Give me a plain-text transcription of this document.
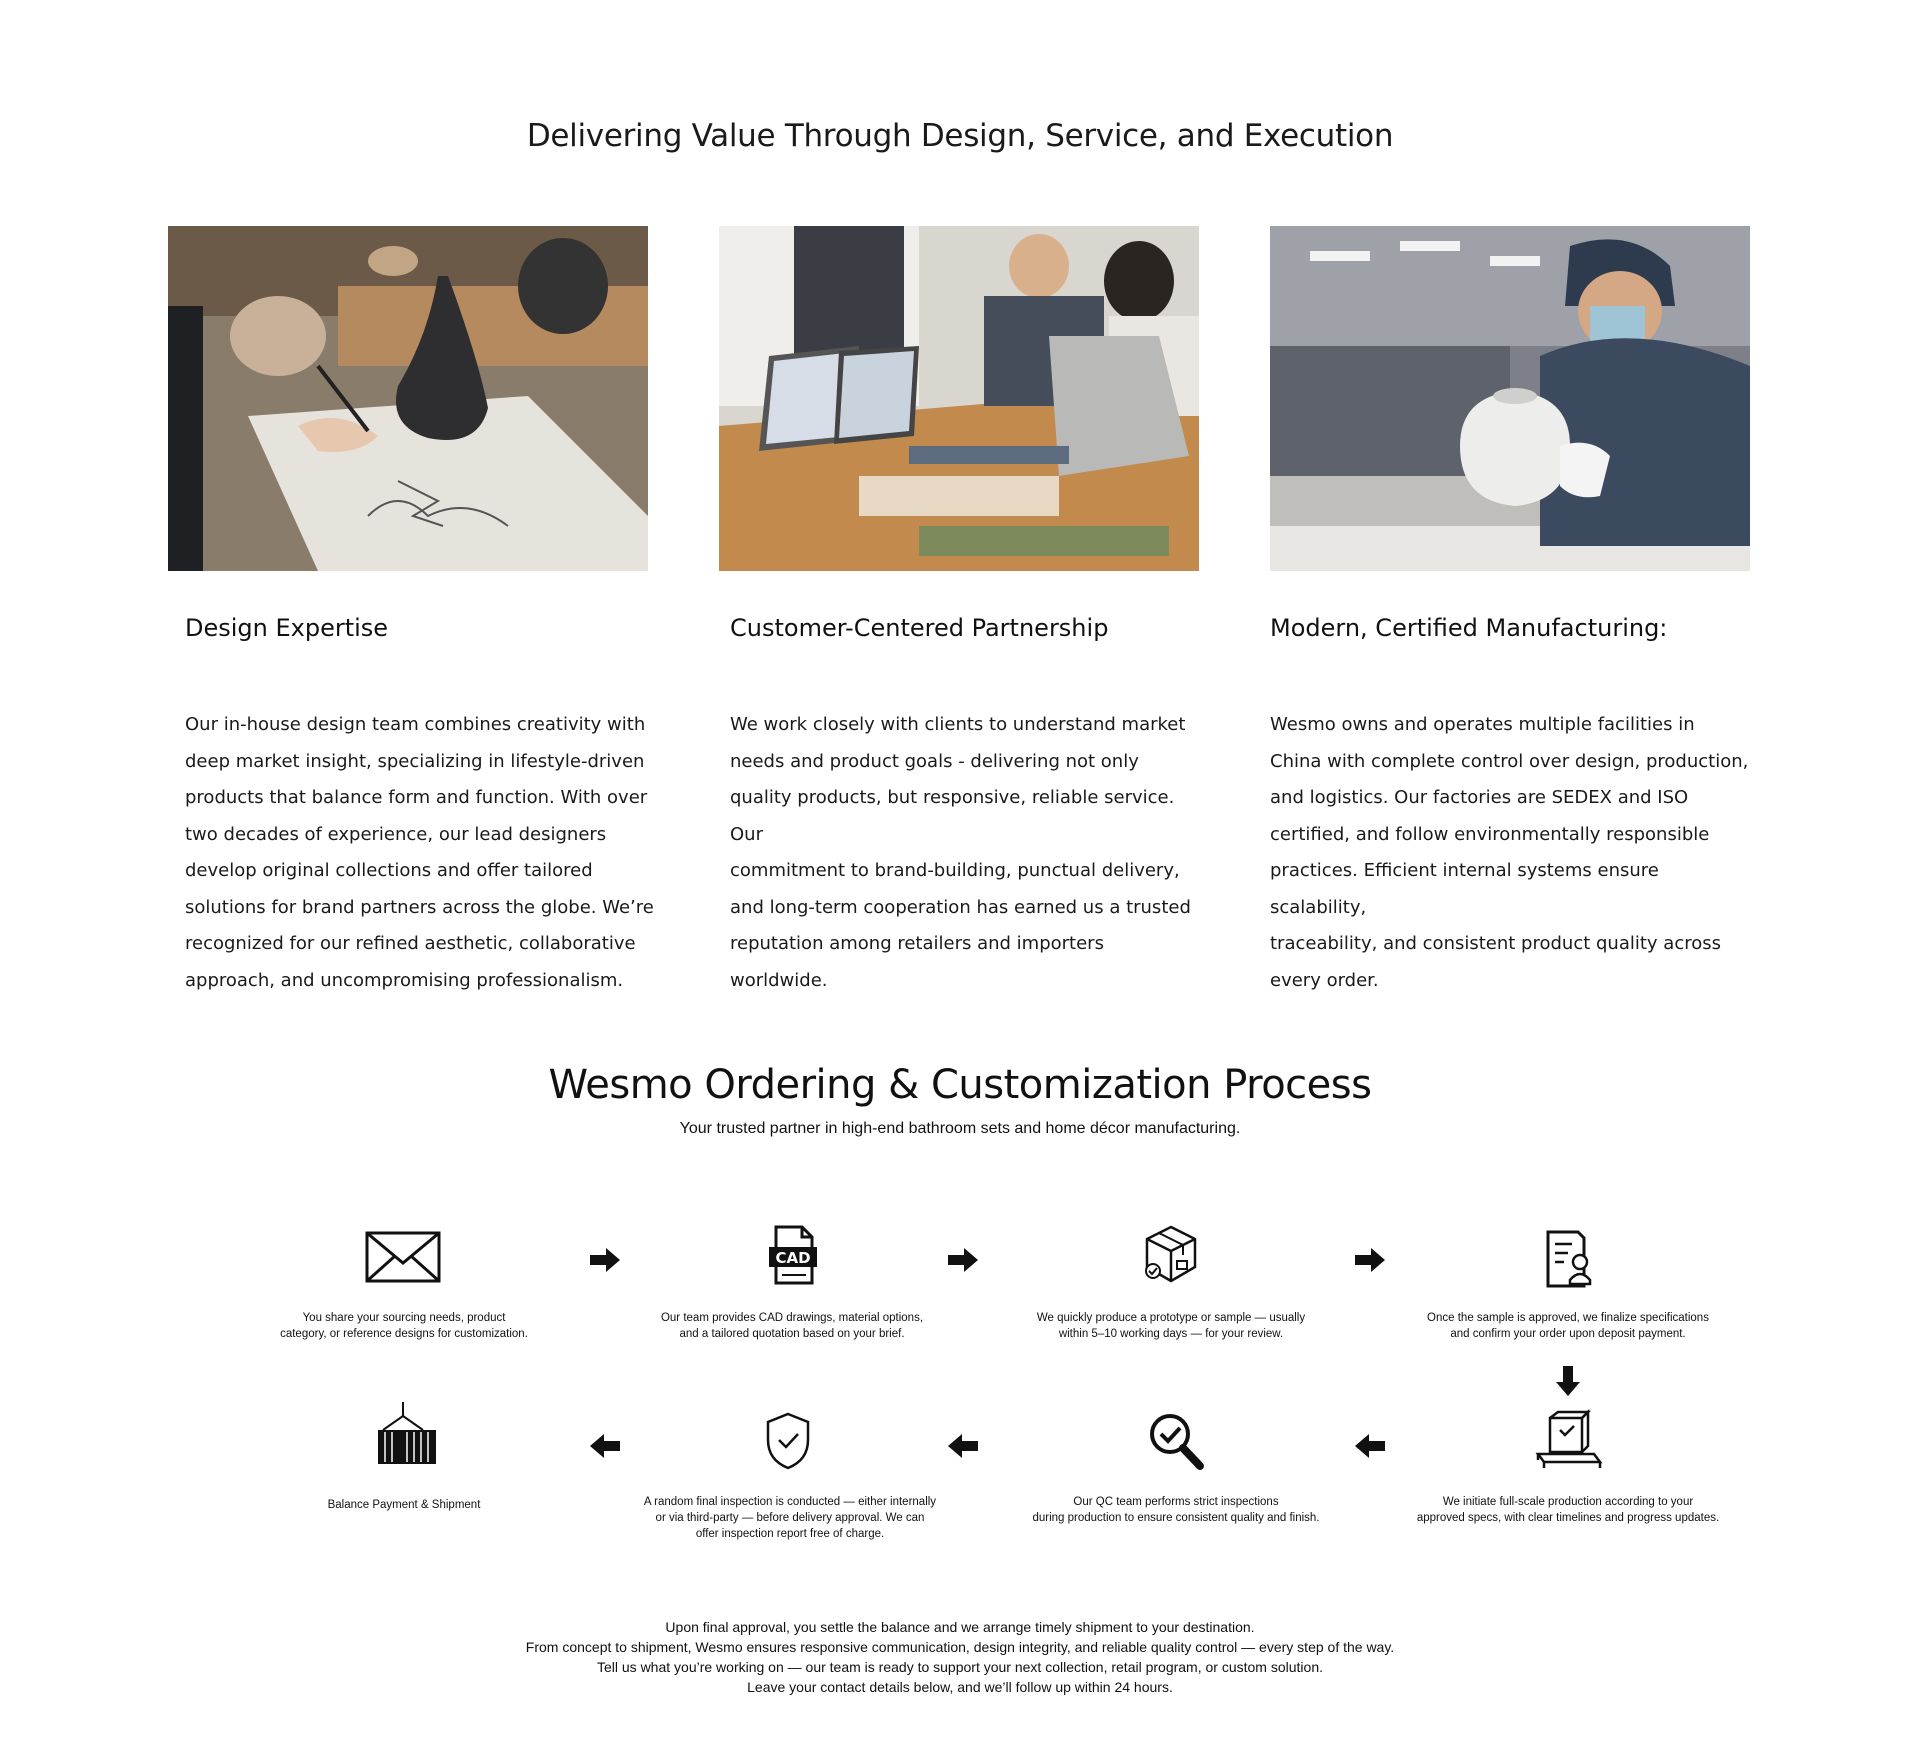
Delivering Value Through Design, Service, and Execution
Design Expertise	Customer-Centered Partnership	Modern, Certified Manufacturing:
Our in-house design team combines creativity with
deep market insight, specializing in lifestyle-driven
products that balance form and function. With over
two decades of experience, our lead designers
develop original collections and offer tailored
solutions for brand partners across the globe. We’re
recognized for our refined aesthetic, collaborative
approach, and uncompromising professionalism.
We work closely with clients to understand market
needs and product goals - delivering not only
quality products, but responsive, reliable service. Our
commitment to brand-building, punctual delivery,
and long-term cooperation has earned us a trusted
reputation among retailers and importers worldwide.
Wesmo owns and operates multiple facilities in
China with complete control over design, production,
and logistics. Our factories are SEDEX and ISO
certified, and follow environmentally responsible
practices. Efficient internal systems ensure scalability,
traceability, and consistent product quality across
every order.
Wesmo Ordering & Customization Process
Your trusted partner in high-end bathroom sets and home décor manufacturing.
CAD
You share your sourcing needs, product
category, or reference designs for customization.
Our team provides CAD drawings, material options,
and a tailored quotation based on your brief.
We quickly produce a prototype or sample — usually
within 5–10 working days — for your review.
Once the sample is approved, we finalize specifications
and confirm your order upon deposit payment.
We initiate full-scale production according to your
approved specs, with clear timelines and progress updates.
Our QC team performs strict inspections
during production to ensure consistent quality and finish.
A random final inspection is conducted — either internally
or via third-party — before delivery approval. We can
offer inspection report free of charge.
Balance Payment & Shipment
Upon final approval, you settle the balance and we arrange timely shipment to your destination.
From concept to shipment, Wesmo ensures responsive communication, design integrity, and reliable quality control — every step of the way.
Tell us what you’re working on — our team is ready to support your next collection, retail program, or custom solution.
Leave your contact details below, and we’ll follow up within 24 hours.
